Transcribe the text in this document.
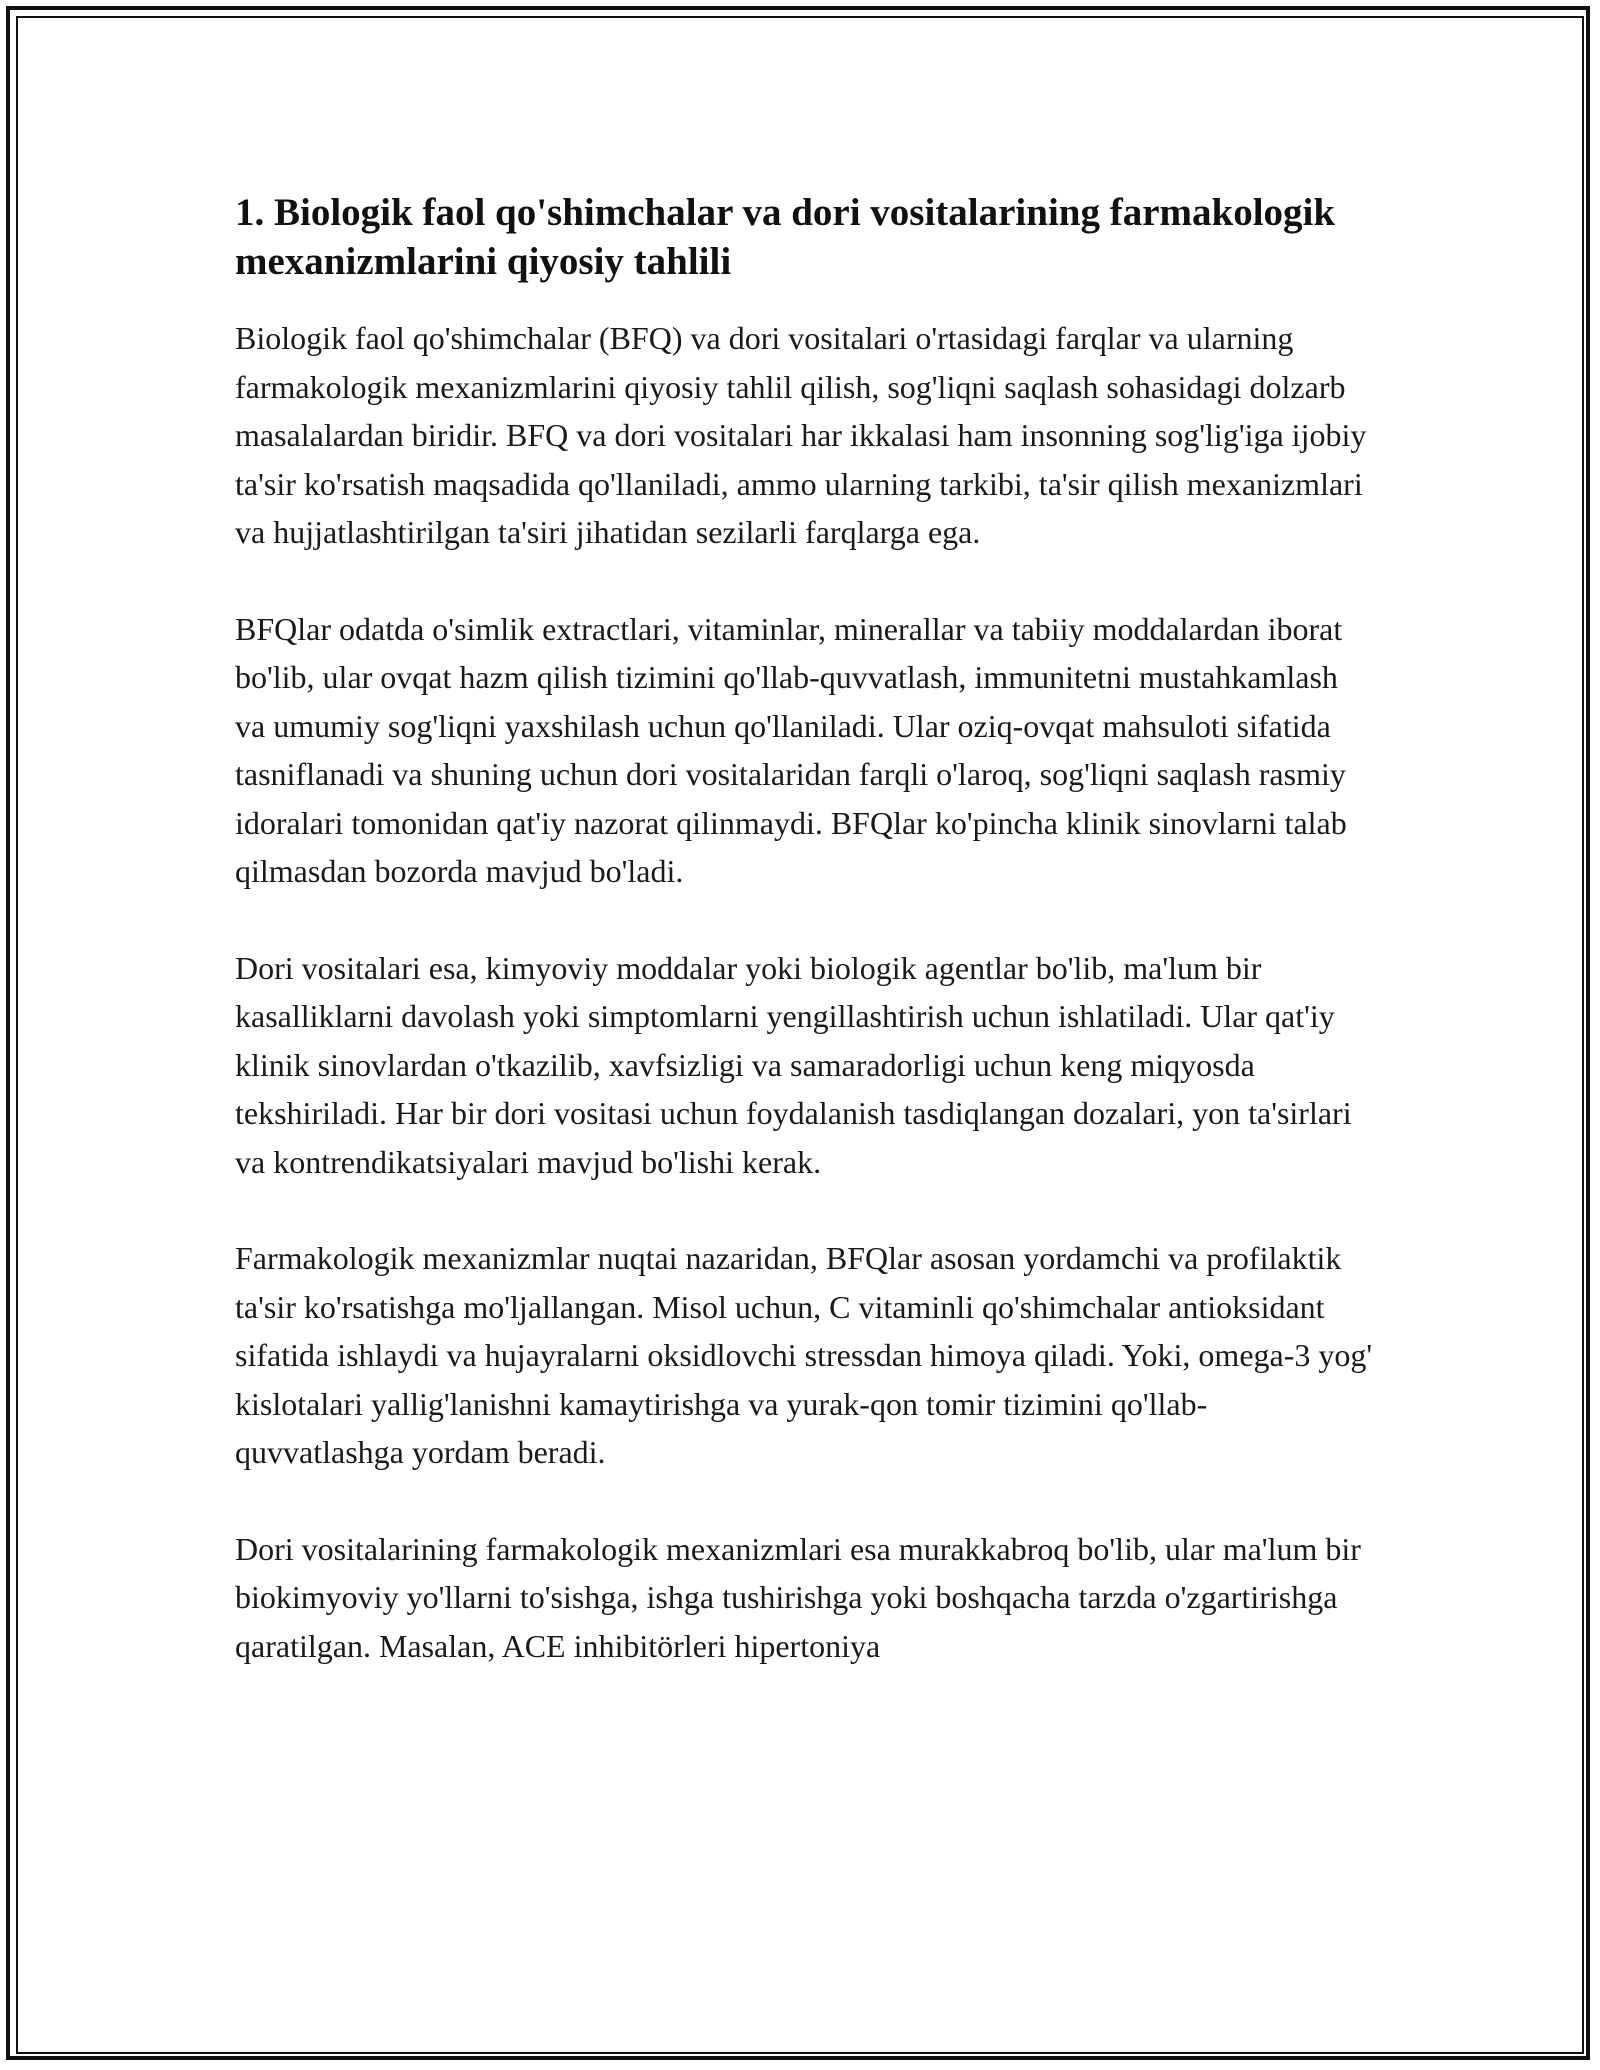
1. Biologik faol qo'shimchalar va dori vositalarining farmakologik mexanizmlarini qiyosiy tahlili

Biologik faol qo'shimchalar (BFQ) va dori vositalari o'rtasidagi farqlar va ularning farmakologik mexanizmlarini qiyosiy tahlil qilish, sog'liqni saqlash sohasidagi dolzarb masalalardan biridir. BFQ va dori vositalari har ikkalasi ham insonning sog'lig'iga ijobiy ta'sir ko'rsatish maqsadida qo'llaniladi, ammo ularning tarkibi, ta'sir qilish mexanizmlari va hujjatlashtirilgan ta'siri jihatidan sezilarli farqlarga ega.

BFQlar odatda o'simlik extractlari, vitaminlar, minerallar va tabiiy moddalardan iborat bo'lib, ular ovqat hazm qilish tizimini qo'llab-quvvatlash, immunitetni mustahkamlash va umumiy sog'liqni yaxshilash uchun qo'llaniladi. Ular oziq-ovqat mahsuloti sifatida tasniflanadi va shuning uchun dori vositalaridan farqli o'laroq, sog'liqni saqlash rasmiy idoralari tomonidan qat'iy nazorat qilinmaydi. BFQlar ko'pincha klinik sinovlarni talab qilmasdan bozorda mavjud bo'ladi.

Dori vositalari esa, kimyoviy moddalar yoki biologik agentlar bo'lib, ma'lum bir kasalliklarni davolash yoki simptomlarni yengillashtirish uchun ishlatiladi. Ular qat'iy klinik sinovlardan o'tkazilib, xavfsizligi va samaradorligi uchun keng miqyosda tekshiriladi. Har bir dori vositasi uchun foydalanish tasdiqlangan dozalari, yon ta'sirlari va kontrendikatsiyalari mavjud bo'lishi kerak.

Farmakologik mexanizmlar nuqtai nazaridan, BFQlar asosan yordamchi va profilaktik ta'sir ko'rsatishga mo'ljallangan. Misol uchun, C vitaminli qo'shimchalar antioksidant sifatida ishlaydi va hujayralarni oksidlovchi stressdan himoya qiladi. Yoki, omega-3 yog' kislotalari yallig'lanishni kamaytirishga va yurak-qon tomir tizimini qo'llab-quvvatlashga yordam beradi.

Dori vositalarining farmakologik mexanizmlari esa murakkabroq bo'lib, ular ma'lum bir biokimyoviy yo'llarni to'sishga, ishga tushirishga yoki boshqacha tarzda o'zgartirishga qaratilgan. Masalan, ACE inhibitörleri hipertoniya
